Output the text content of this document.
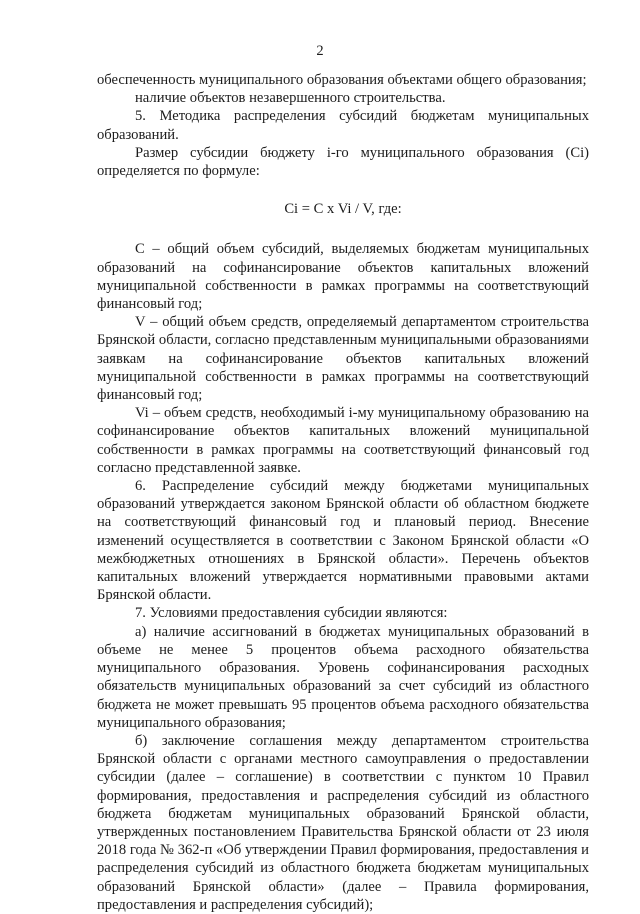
2

обеспеченность муниципального образования объектами общего образования;

наличие объектов незавершенного строительства.

5. Методика распределения субсидий бюджетам муниципальных образований.

Размер субсидии бюджету i-го муниципального образования (Ci) определяется по формуле:

Ci = C x Vi / V, где:

C – общий объем субсидий, выделяемых бюджетам муниципальных образований на софинансирование объектов капитальных вложений муниципальной собственности в рамках программы на соответствующий финансовый год;

V – общий объем средств, определяемый департаментом строительства Брянской области, согласно представленным муниципальными образованиями заявкам на софинансирование объектов капитальных вложений муниципальной собственности в рамках программы на соответствующий финансовый год;

Vi – объем средств, необходимый i-му муниципальному образованию на софинансирование объектов капитальных вложений муниципальной собственности в рамках программы на соответствующий финансовый год согласно представленной заявке.

6. Распределение субсидий между бюджетами муниципальных образований утверждается законом Брянской области об областном бюджете на соответствующий финансовый год и плановый период. Внесение изменений осуществляется в соответствии с Законом Брянской области «О межбюджетных отношениях в Брянской области». Перечень объектов капитальных вложений утверждается нормативными правовыми актами Брянской области.

7. Условиями предоставления субсидии являются:

а) наличие ассигнований в бюджетах муниципальных образований в объеме не менее 5 процентов объема расходного обязательства муниципального образования. Уровень софинансирования расходных обязательств муниципальных образований за счет субсидий из областного бюджета не может превышать 95 процентов объема расходного обязательства муниципального образования;

б) заключение соглашения между департаментом строительства Брянской области с органами местного самоуправления о предоставлении субсидии (далее – соглашение) в соответствии с пунктом 10 Правил формирования, предоставления и распределения субсидий из областного бюджета бюджетам муниципальных образований Брянской области, утвержденных постановлением Правительства Брянской области от 23 июля 2018 года № 362-п «Об утверждении Правил формирования, предоставления и распределения субсидий из областного бюджета бюджетам муниципальных образований Брянской области» (далее – Правила формирования, предоставления и распределения субсидий);
